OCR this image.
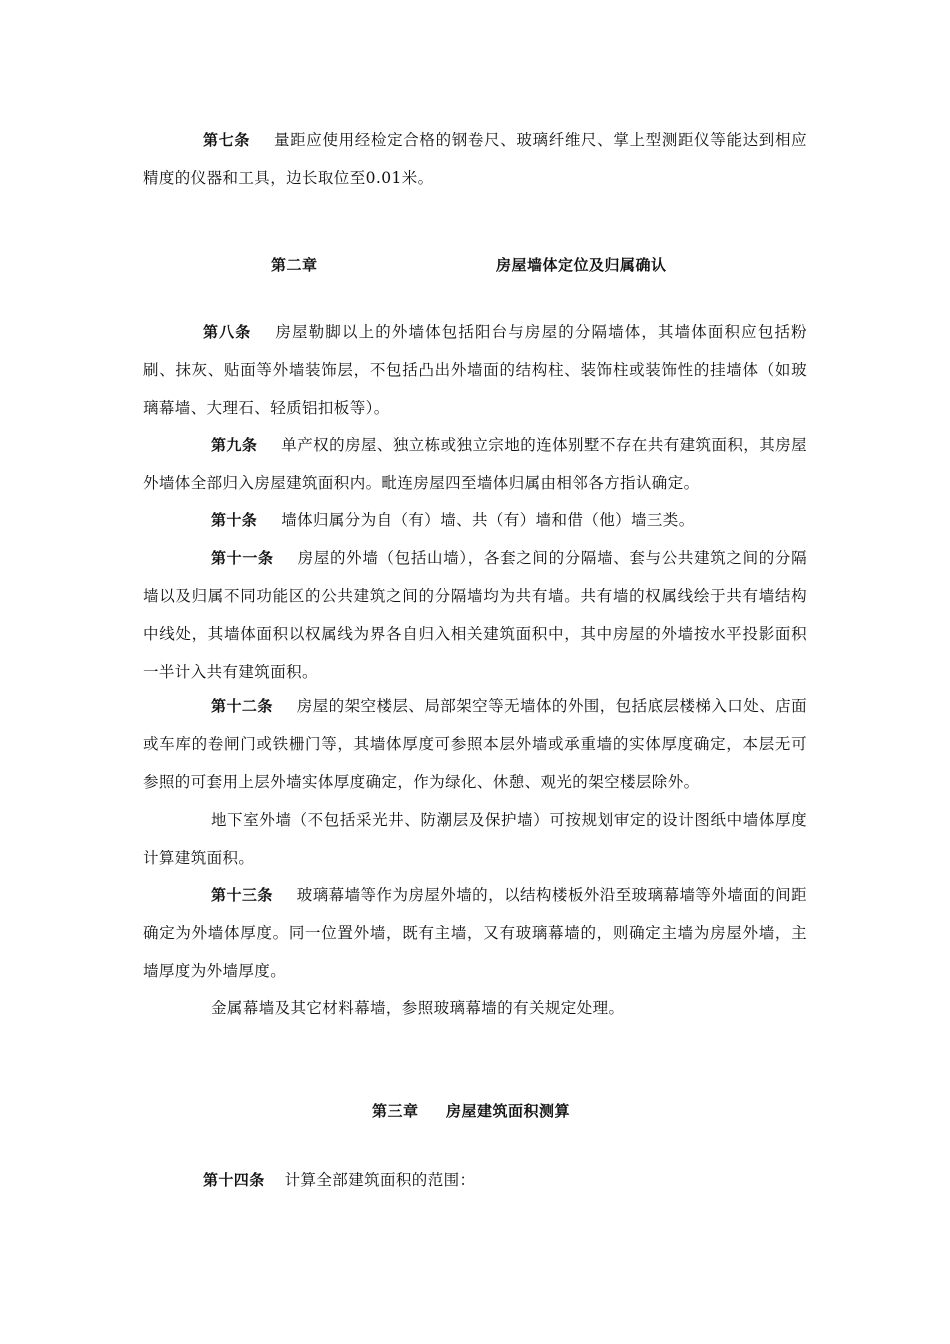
第七条 量距应使用经检定合格的钢卷尺、玻璃纤维尺、掌上型测距仪等能达到相应精度的仪器和工具，边长取位至0.01米。

第二章	房屋墙体定位及归属确认

第八条 房屋勒脚以上的外墙体包括阳台与房屋的分隔墙体，其墙体面积应包括粉刷、抹灰、贴面等外墙装饰层，不包括凸出外墙面的结构柱、装饰柱或装饰性的挂墙体（如玻璃幕墙、大理石、轻质铝扣板等）。

第九条 单产权的房屋、独立栋或独立宗地的连体别墅不存在共有建筑面积，其房屋外墙体全部归入房屋建筑面积内。毗连房屋四至墙体归属由相邻各方指认确定。

第十条 墙体归属分为自（有）墙、共（有）墙和借（他）墙三类。

第十一条 房屋的外墙（包括山墙），各套之间的分隔墙、套与公共建筑之间的分隔墙以及归属不同功能区的公共建筑之间的分隔墙均为共有墙。共有墙的权属线绘于共有墙结构中线处，其墙体面积以权属线为界各自归入相关建筑面积中，其中房屋的外墙按水平投影面积一半计入共有建筑面积。

第十二条 房屋的架空楼层、局部架空等无墙体的外围，包括底层楼梯入口处、店面或车库的卷闸门或铁栅门等，其墙体厚度可参照本层外墙或承重墙的实体厚度确定，本层无可参照的可套用上层外墙实体厚度确定，作为绿化、休憩、观光的架空楼层除外。

地下室外墙（不包括采光井、防潮层及保护墙）可按规划审定的设计图纸中墙体厚度计算建筑面积。

第十三条 玻璃幕墙等作为房屋外墙的，以结构楼板外沿至玻璃幕墙等外墙面的间距确定为外墙体厚度。同一位置外墙，既有主墙，又有玻璃幕墙的，则确定主墙为房屋外墙，主墙厚度为外墙厚度。

金属幕墙及其它材料幕墙，参照玻璃幕墙的有关规定处理。

第三章 房屋建筑面积测算

第十四条 计算全部建筑面积的范围：
